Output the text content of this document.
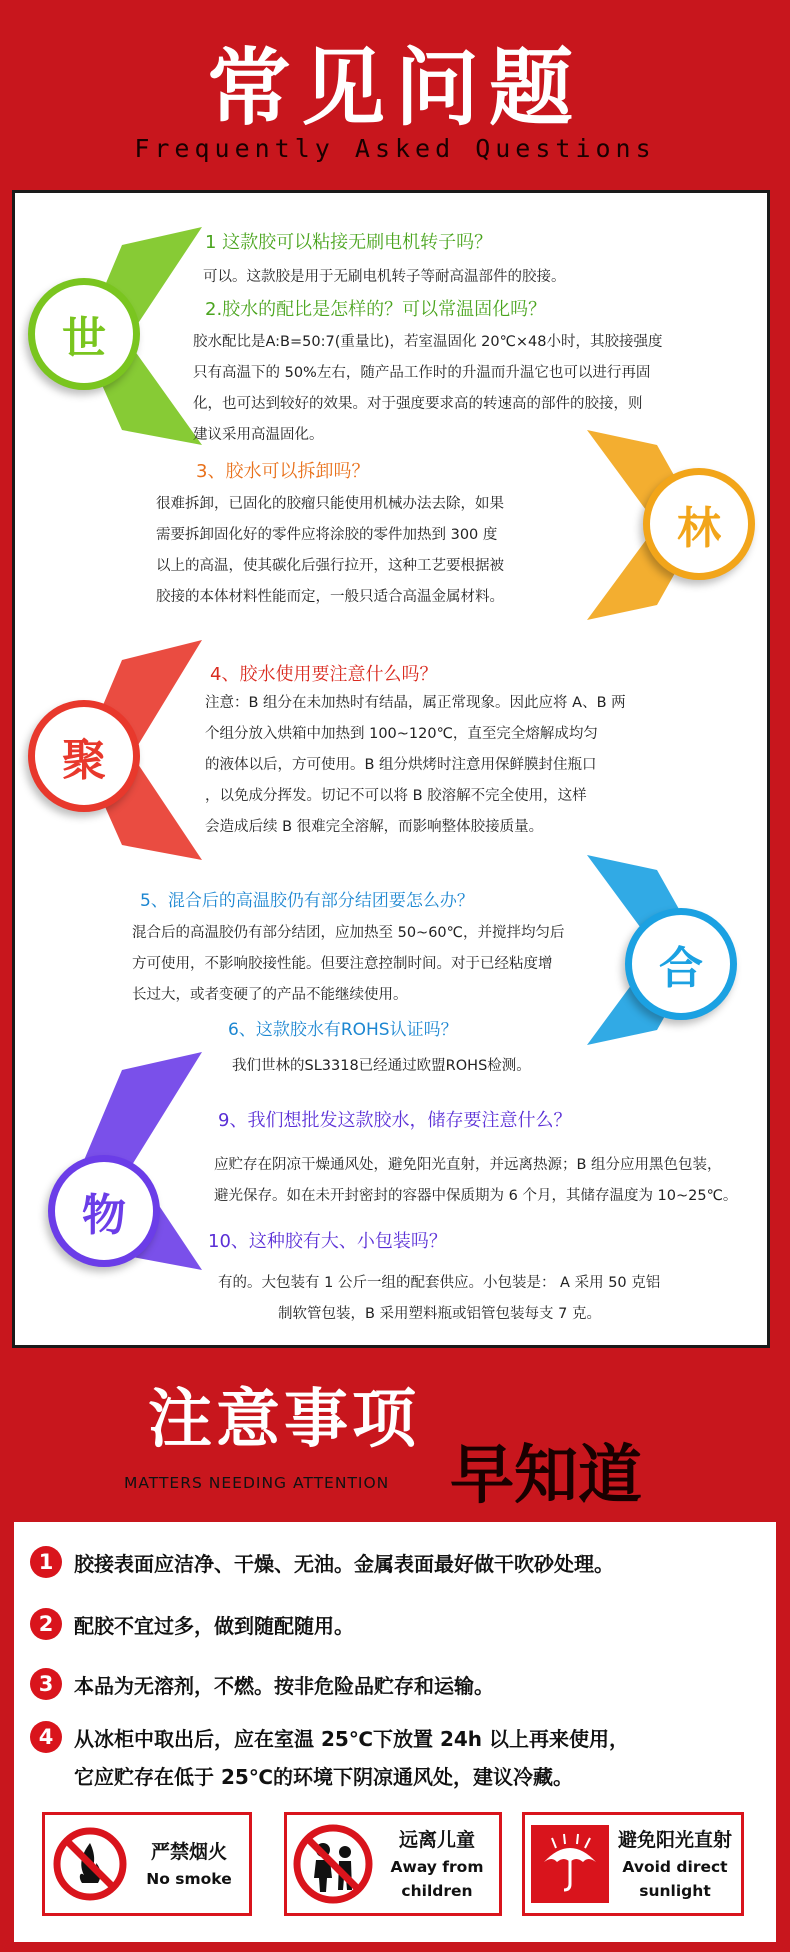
常见问题
Frequently Asked Questions
世
林
聚
合
物
1 这款胶可以粘接无刷电机转子吗？
可以。这款胶是用于无刷电机转子等耐高温部件的胶接。
2.胶水的配比是怎样的？可以常温固化吗？
胶水配比是A:B=50:7(重量比)，若室温固化 20℃×48小时，其胶接强度
只有高温下的 50%左右，随产品工作时的升温而升温它也可以进行再固
化，也可达到较好的效果。对于强度要求高的转速高的部件的胶接，则
建议采用高温固化。
3、胶水可以拆卸吗？
很难拆卸，已固化的胶瘤只能使用机械办法去除，如果
需要拆卸固化好的零件应将涂胶的零件加热到 300 度
以上的高温，使其碳化后强行拉开，这种工艺要根据被
胶接的本体材料性能而定，一般只适合高温金属材料。
4、胶水使用要注意什么吗？
注意：B 组分在未加热时有结晶，属正常现象。因此应将 A、B 两
个组分放入烘箱中加热到 100~120℃，直至完全熔解成均匀
的液体以后，方可使用。B 组分烘烤时注意用保鲜膜封住瓶口
，以免成分挥发。切记不可以将 B 胶溶解不完全使用，这样
会造成后续 B 很难完全溶解，而影响整体胶接质量。
5、混合后的高温胶仍有部分结团要怎么办？
混合后的高温胶仍有部分结团，应加热至 50~60℃，并搅拌均匀后
方可使用，不影响胶接性能。但要注意控制时间。对于已经粘度增
长过大，或者变硬了的产品不能继续使用。
6、这款胶水有ROHS认证吗？
我们世林的SL3318已经通过欧盟ROHS检测。
9、我们想批发这款胶水，储存要注意什么？
应贮存在阴凉干燥通风处，避免阳光直射，并远离热源；B 组分应用黑色包装，
避光保存。如在未开封密封的容器中保质期为 6 个月，其储存温度为 10~25℃。
10、这种胶有大、小包装吗？
有的。大包装有 1 公斤一组的配套供应。小包装是： A 采用 50 克铝
制软管包装，B 采用塑料瓶或铝管包装每支 7 克。
注意事项
MATTERS NEEDING ATTENTION 早知道
1	胶接表面应洁净、干燥、无油。金属表面最好做干吹砂处理。
2	配胶不宜过多，做到随配随用。
3	本品为无溶剂，不燃。按非危险品贮存和运输。
4	从冰柜中取出后，应在室温 25℃下放置 24h 以上再来使用，
它应贮存在低于 25℃的环境下阴凉通风处，建议冷藏。
严禁烟火
No smoke
远离儿童
Away from
children
避免阳光直射
Avoid direct
sunlight
